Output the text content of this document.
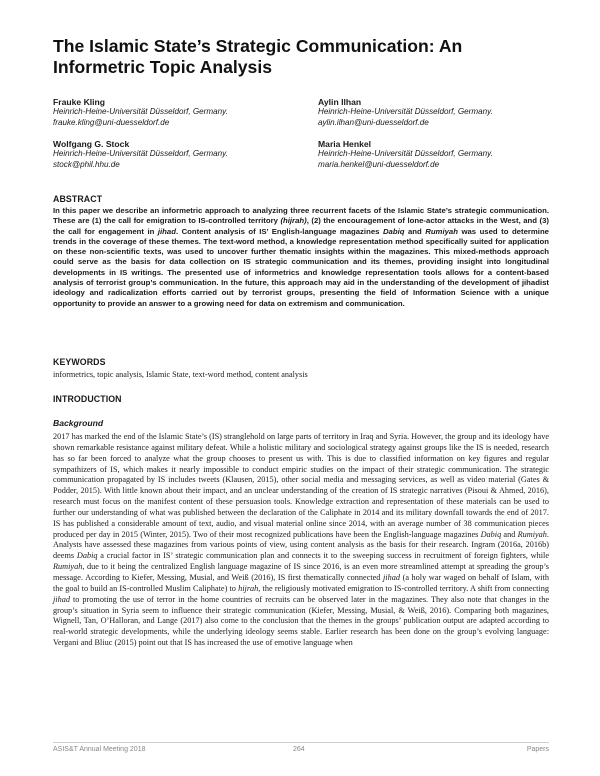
The Islamic State’s Strategic Communication: An Informetric Topic Analysis
Frauke Kling
Heinrich-Heine-Universität Düsseldorf, Germany.
frauke.kling@uni-duesseldorf.de
Wolfgang G. Stock
Heinrich-Heine-Universität Düsseldorf, Germany.
stock@phil.hhu.de
Aylin Ilhan
Heinrich-Heine-Universität Düsseldorf, Germany.
aylin.ilhan@uni-duesseldorf.de
Maria Henkel
Heinrich-Heine-Universität Düsseldorf, Germany.
maria.henkel@uni-duesseldorf.de
ABSTRACT

In this paper we describe an informetric approach to analyzing three recurrent facets of the Islamic State’s strategic communication. These are (1) the call for emigration to IS-controlled territory (hijrah), (2) the encouragement of lone-actor attacks in the West, and (3) the call for engagement in jihad. Content analysis of IS’ English-language magazines Dabiq and Rumiyah was used to determine trends in the coverage of these themes. The text-word method, a knowledge representation method specifically suited for application on these non-scientific texts, was used to uncover further thematic insights within the magazines. This mixed-methods approach could serve as the basis for data collection on IS strategic communication and its themes, providing insight into longitudinal developments in IS writings. The presented use of informetrics and knowledge representation tools allows for a content-based analysis of terrorist group’s communication. In the future, this approach may aid in the understanding of the development of jihadist ideology and radicalization efforts carried out by terrorist groups, presenting the field of Information Science with a unique opportunity to provide an answer to a growing need for data on extremism and communication.

KEYWORDS

informetrics, topic analysis, Islamic State, text-word method, content analysis

INTRODUCTION
Background

2017 has marked the end of the Islamic State’s (IS) stranglehold on large parts of territory in Iraq and Syria. However, the group and its ideology have shown remarkable resistance against military defeat. While a holistic military and sociological strategy against groups like the IS is needed, research has so far been forced to analyze what the group chooses to present us with. This is due to classified information on key figures and regular sympathizers of IS, which makes it nearly impossible to conduct empiric studies on the impact of their strategic communication. The strategic communication propagated by IS includes tweets (Klausen, 2015), other social media and messaging services, as well as video material (Gates & Podder, 2015). With little known about their impact, and an unclear understanding of the creation of IS strategic narratives (Pisoui & Ahmed, 2016), research must focus on the manifest content of these persuasion tools. Knowledge extraction and representation of these materials can be used to further our understanding of what was published between the declaration of the Caliphate in 2014 and its military downfall towards the end of 2017. IS has published a considerable amount of text, audio, and visual material online since 2014, with an average number of 38 communication pieces produced per day in 2015 (Winter, 2015). Two of their most recognized publications have been the English-language magazines Dabiq and Rumiyah. Analysts have assessed these magazines from various points of view, using content analysis as the basis for their research. Ingram (2016a, 2016b) deems Dabiq a crucial factor in IS’ strategic communication plan and connects it to the sweeping success in recruitment of foreign fighters, while Rumiyah, due to it being the centralized English language magazine of IS since 2016, is an even more streamlined attempt at spreading the group’s message. According to Kiefer, Messing, Musial, and Weiß (2016), IS first thematically connected jihad (a holy war waged on behalf of Islam, with the goal to build an IS-controlled Muslim Caliphate) to hijrah, the religiously motivated emigration to IS-controlled territory. A shift from connecting jihad to promoting the use of terror in the home countries of recruits can be observed later in the magazines. They also note that changes in the group’s situation in Syria seem to influence their strategic communication (Kiefer, Messing, Musial, & Weiß, 2016). Comparing both magazines, Wignell, Tan, O’Halloran, and Lange (2017) also come to the conclusion that the themes in the groups’ publication output are adapted according to real-world strategic developments, while the underlying ideology seems stable. Earlier research has been done on the group’s evolving language: Vergani and Bliuc (2015) point out that IS has increased the use of emotive language when

ASIS&T Annual Meeting 2018	264	Papers
